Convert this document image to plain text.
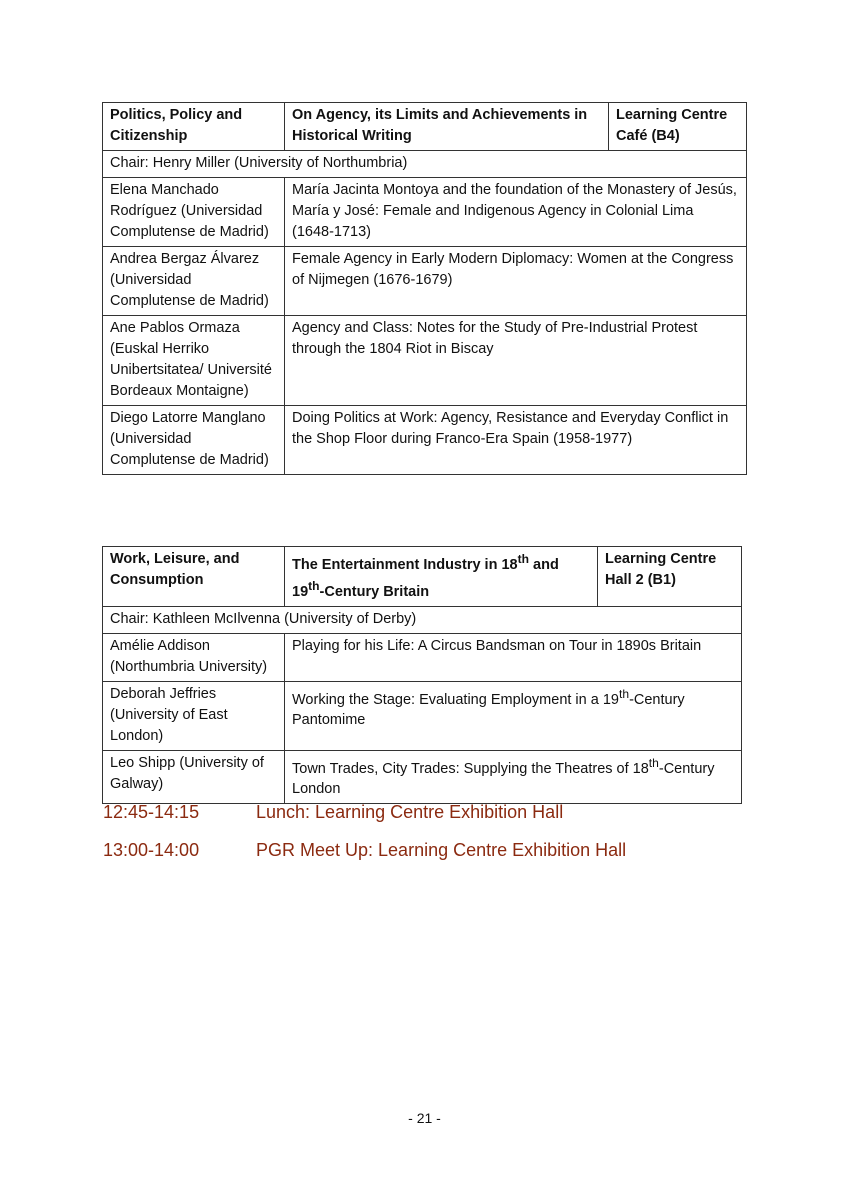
Politics, Policy and Citizenship	On Agency, its Limits and Achievements in Historical Writing	Learning Centre Café (B4)
Chair: Henry Miller (University of Northumbria)		
Elena Manchado Rodríguez (Universidad Complutense de Madrid)	María Jacinta Montoya and the foundation of the Monastery of Jesús, María y José: Female and Indigenous Agency in Colonial Lima (1648-1713)	
Andrea Bergaz Álvarez (Universidad Complutense de Madrid)	Female Agency in Early Modern Diplomacy: Women at the Congress of Nijmegen (1676-1679)	
Ane Pablos Ormaza (Euskal Herriko Unibertsitatea/ Université Bordeaux Montaigne)	Agency and Class: Notes for the Study of Pre-Industrial Protest through the 1804 Riot in Biscay	
Diego Latorre Manglano (Universidad Complutense de Madrid)	Doing Politics at Work: Agency, Resistance and Everyday Conflict in the Shop Floor during Franco-Era Spain (1958-1977)	
Work, Leisure, and Consumption	The Entertainment Industry in 18th and 19th-Century Britain	Learning Centre Hall 2 (B1)
Chair: Kathleen McIlvenna (University of Derby)		
Amélie Addison (Northumbria University)	Playing for his Life: A Circus Bandsman on Tour in 1890s Britain	
Deborah Jeffries (University of East London)	Working the Stage: Evaluating Employment in a 19th-Century Pantomime	
Leo Shipp (University of Galway)	Town Trades, City Trades: Supplying the Theatres of 18th-Century London	
12:45-14:15	Lunch: Learning Centre Exhibition Hall
13:00-14:00	PGR Meet Up: Learning Centre Exhibition Hall
- 21 -
